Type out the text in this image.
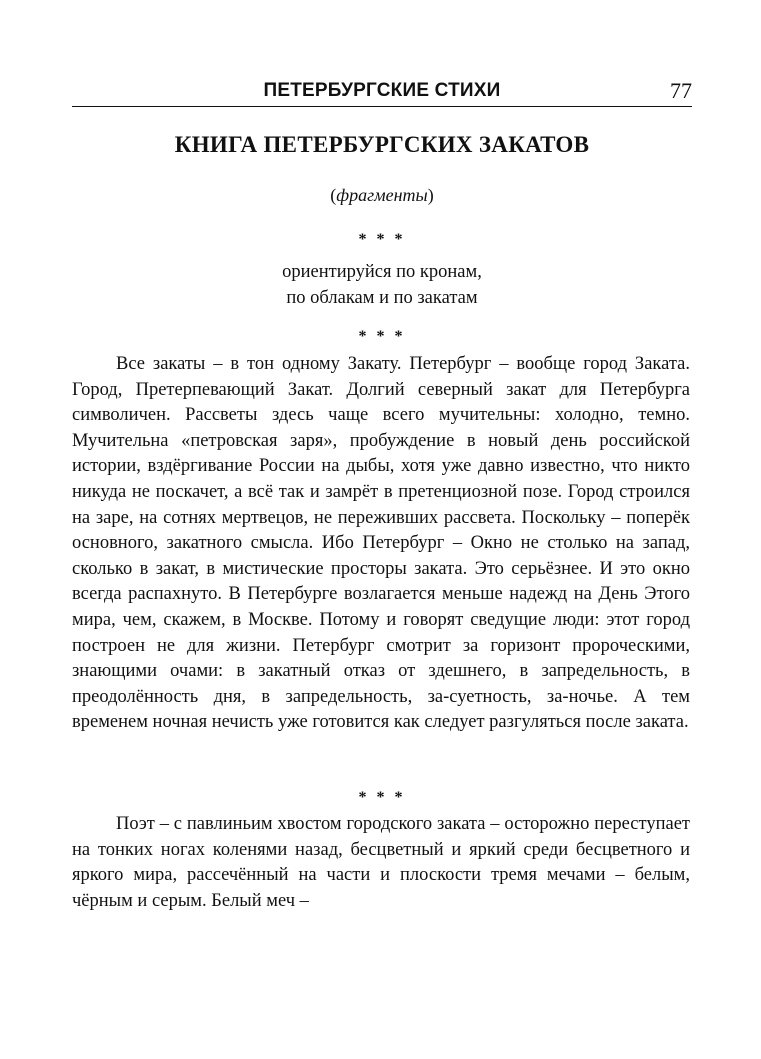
ПЕТЕРБУРГСКИЕ СТИХИ	77
КНИГА ПЕТЕРБУРГСКИХ ЗАКАТОВ
(фрагменты)
* * *
ориентируйся по кронам,
по облакам и по закатам
* * *

Все закаты – в тон одному Закату. Петербург – вообще город Заката. Город, Претерпевающий Закат. Долгий северный закат для Петербурга символичен. Рассветы здесь чаще всего мучительны: холодно, темно. Мучительна «петровская заря», пробуждение в новый день российской истории, вздёргивание России на дыбы, хотя уже давно известно, что никто никуда не поскачет, а всё так и замрёт в претенциозной позе. Город строился на заре, на сотнях мертвецов, не переживших рассвета. Поскольку – поперёк основного, закатного смысла. Ибо Петербург – Окно не столько на запад, сколько в закат, в мистические просторы заката. Это серьёзнее. И это окно всегда распахнуто. В Петербурге возлагается меньше надежд на День Этого мира, чем, скажем, в Москве. Потому и говорят сведущие люди: этот город построен не для жизни. Петербург смотрит за горизонт пророческими, знающими очами: в закатный отказ от здешнего, в запредельность, в преодолённость дня, в запредельность, за-суетность, за-ночье. А тем временем ночная нечисть уже готовится как следует разгуляться после заката.

* * *

Поэт – с павлиньим хвостом городского заката – осторожно переступает на тонких ногах коленями назад, бесцветный и яркий среди бесцветного и яркого мира, рассечённый на части и плоскости тремя мечами – белым, чёрным и серым. Белый меч –
